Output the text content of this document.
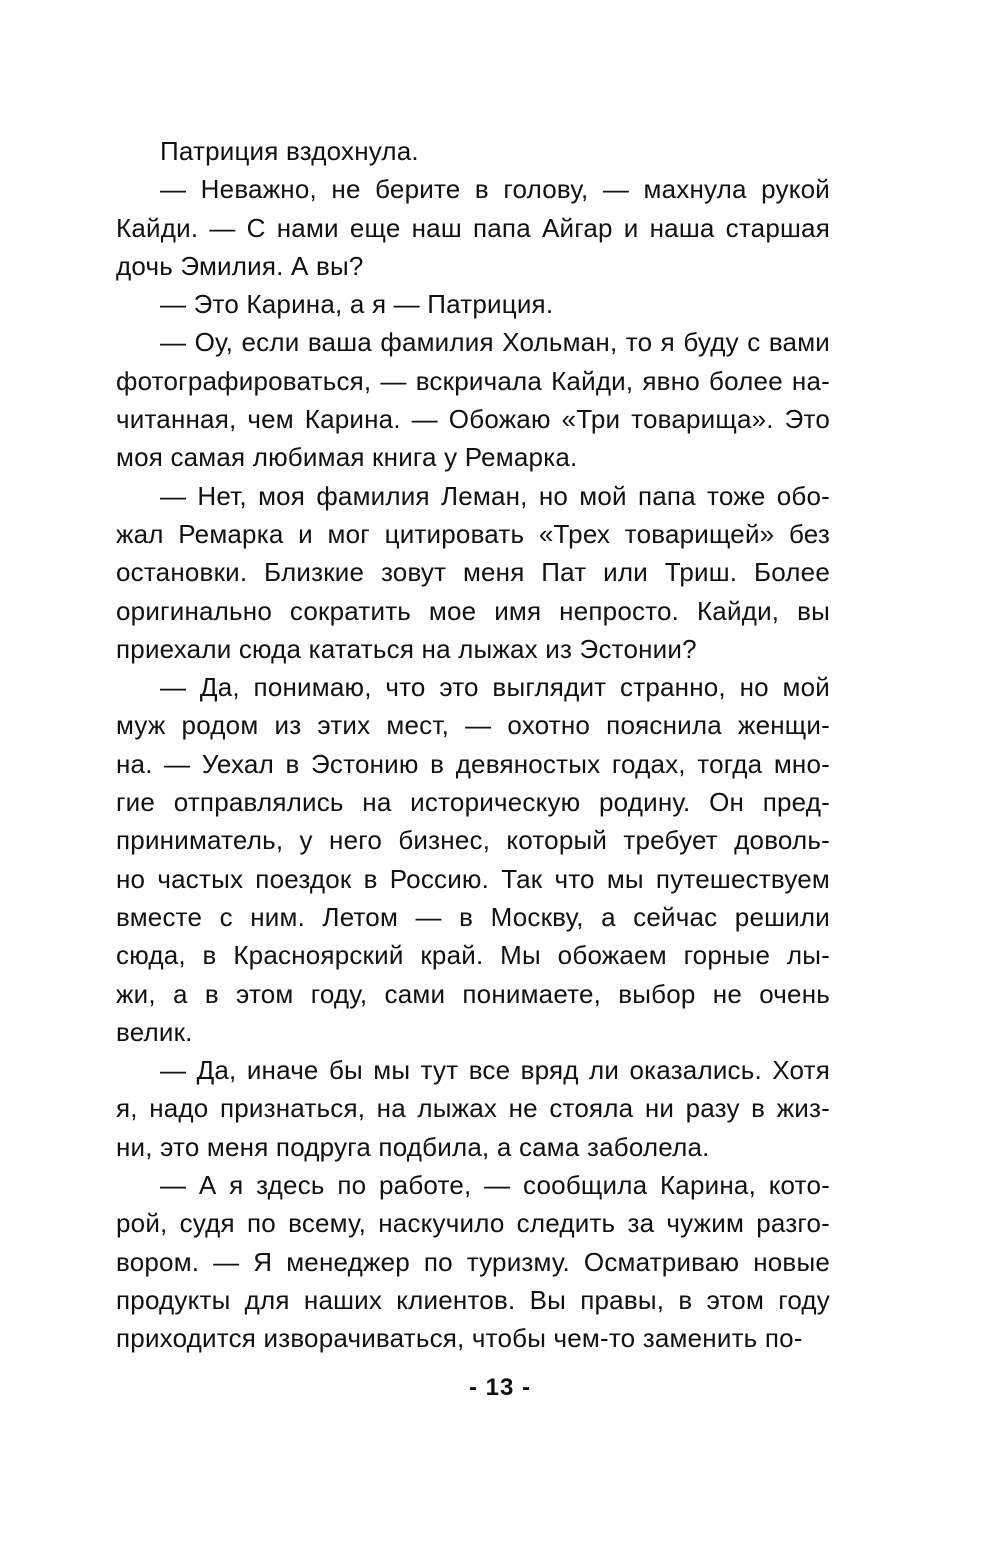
Патриция вздохнула.
— Неважно, не берите в голову, — махнула рукой
Кайди. — С нами еще наш папа Айгар и наша старшая
дочь Эмилия. А вы?
— Это Карина, а я — Патриция.
— Оу, если ваша фамилия Хольман, то я буду с вами
фотографироваться, — вскричала Кайди, явно более на-
читанная, чем Карина. — Обожаю «Три товарища». Это
моя самая любимая книга у Ремарка.
— Нет, моя фамилия Леман, но мой папа тоже обо-
жал Ремарка и мог цитировать «Трех товарищей» без
остановки. Близкие зовут меня Пат или Триш. Более
оригинально сократить мое имя непросто. Кайди, вы
приехали сюда кататься на лыжах из Эстонии?
— Да, понимаю, что это выглядит странно, но мой
муж родом из этих мест, — охотно пояснила женщи-
на. — Уехал в Эстонию в девяностых годах, тогда мно-
гие отправлялись на историческую родину. Он пред-
приниматель, у него бизнес, который требует доволь-
но частых поездок в Россию. Так что мы путешествуем
вместе с ним. Летом — в Москву, а сейчас решили
сюда, в Красноярский край. Мы обожаем горные лы-
жи, а в этом году, сами понимаете, выбор не очень
велик.
— Да, иначе бы мы тут все вряд ли оказались. Хотя
я, надо признаться, на лыжах не стояла ни разу в жиз-
ни, это меня подруга подбила, а сама заболела.
— А я здесь по работе, — сообщила Карина, кото-
рой, судя по всему, наскучило следить за чужим разго-
вором. — Я менеджер по туризму. Осматриваю новые
продукты для наших клиентов. Вы правы, в этом году
приходится изворачиваться, чтобы чем-то заменить по-
- 13 -
